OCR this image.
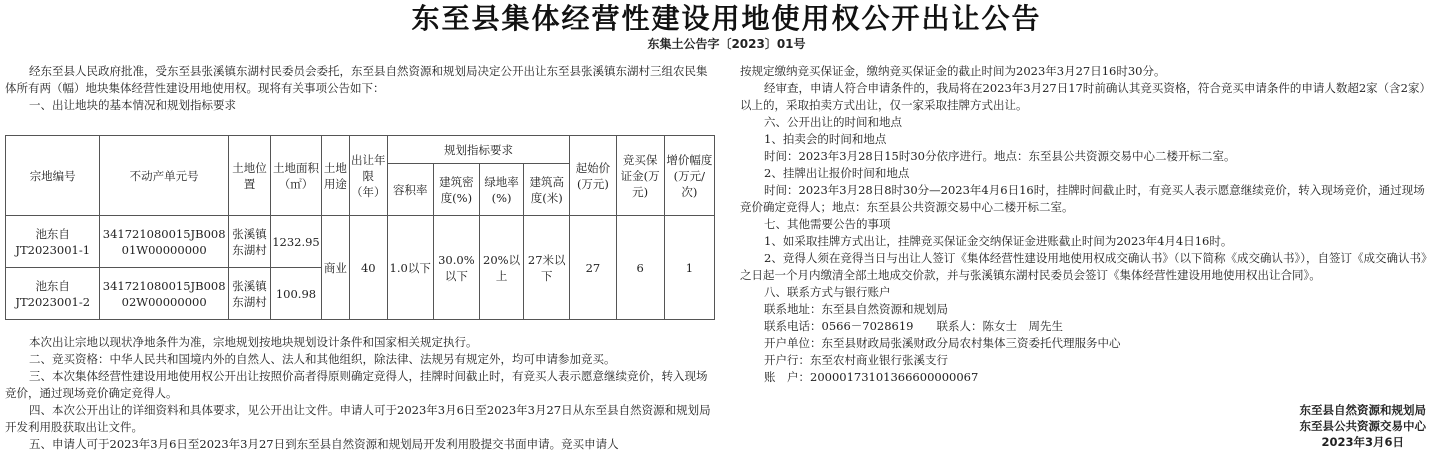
东至县集体经营性建设用地使用权公开出让公告
东集土公告字〔2023〕01号

经东至县人民政府批准，受东至县张溪镇东湖村民委员会委托，东至县自然资源和规划局决定公开出让东至县张溪镇东湖村三组农民集体所有两（幅）地块集体经营性建设用地使用权。现将有关事项公告如下：

一、出让地块的基本情况和规划指标要求

宗地编号	不动产单元号	土地位置	土地面积（㎡）	土地用途	出让年限（年）	规划指标要求				起始价(万元)	竞买保证金(万元)	增价幅度(万元/次)
						容积率	建筑密度(%)	绿地率(%)	建筑高度(米)			
池东自JT2023001-1	341721080015JB00801W00000000	张溪镇东湖村	1232.95	商业	40	1.0以下	30.0%以下	20%以上	27米以下	27	6	1
池东自JT2023001-2	341721080015JB00802W00000000	张溪镇东湖村	100.98									

本次出让宗地以现状净地条件为准，宗地规划按地块规划设计条件和国家相关规定执行。

二、竞买资格：中华人民共和国境内外的自然人、法人和其他组织，除法律、法规另有规定外，均可申请参加竞买。

三、本次集体经营性建设用地使用权公开出让按照价高者得原则确定竞得人，挂牌时间截止时，有竞买人表示愿意继续竞价，转入现场竞价，通过现场竞价确定竞得人。

四、本次公开出让的详细资料和具体要求，见公开出让文件。申请人可于2023年3月6日至2023年3月27日从东至县自然资源和规划局开发利用股获取出让文件。

五、申请人可于2023年3月6日至2023年3月27日到东至县自然资源和规划局开发利用股提交书面申请。竞买申请人

按规定缴纳竞买保证金，缴纳竞买保证金的截止时间为2023年3月27日16时30分。

经审查，申请人符合申请条件的，我局将在2023年3月27日17时前确认其竞买资格，符合竞买申请条件的申请人数超2家（含2家）以上的，采取拍卖方式出让，仅一家采取挂牌方式出让。

六、公开出让的时间和地点

1、拍卖会的时间和地点

时间：2023年3月28日15时30分依序进行。地点：东至县公共资源交易中心二楼开标二室。

2、挂牌出让报价时间和地点

时间：2023年3月28日8时30分—2023年4月6日16时，挂牌时间截止时，有竞买人表示愿意继续竞价，转入现场竞价，通过现场竞价确定竞得人；地点：东至县公共资源交易中心二楼开标二室。

七、其他需要公告的事项

1、如采取挂牌方式出让，挂牌竞买保证金交纳保证金进账截止时间为2023年4月4日16时。

2、竞得人须在竞得当日与出让人签订《集体经营性建设用地使用权成交确认书》（以下简称《成交确认书》），自签订《成交确认书》之日起一个月内缴清全部土地成交价款，并与张溪镇东湖村民委员会签订《集体经营性建设用地使用权出让合同》。

八、联系方式与银行账户

联系地址：东至县自然资源和规划局

联系电话：0566－7028619　　联系人：陈女士　周先生

开户单位：东至县财政局张溪财政分局农村集体三资委托代理服务中心

开户行：东至农村商业银行张溪支行

账　户：20000173101366600000067

东至县自然资源和规划局
东至县公共资源交易中心
2023年3月6日
